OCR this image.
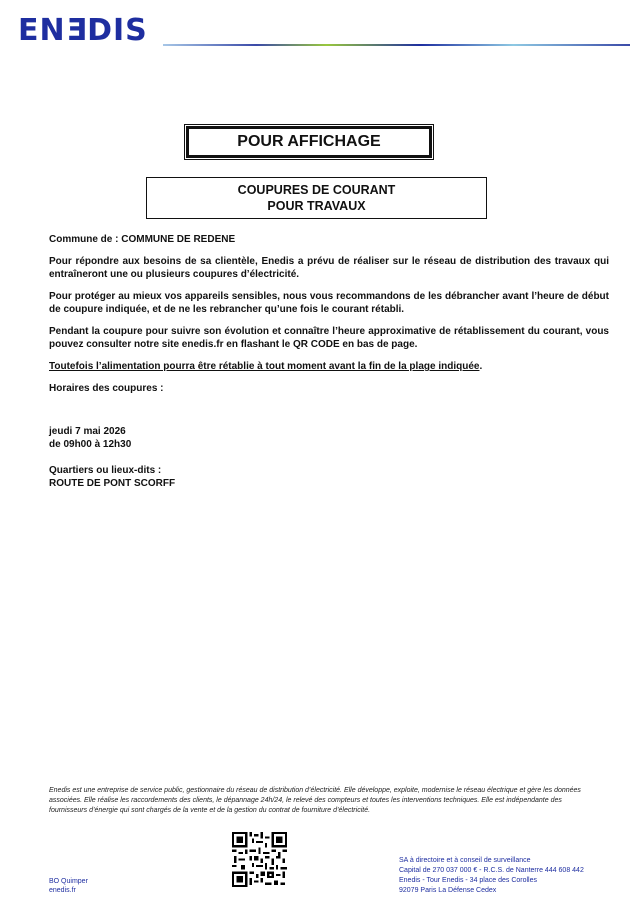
ENEDIS
POUR AFFICHAGE
COUPURES DE COURANT
POUR TRAVAUX

Commune de : COMMUNE DE REDENE

Pour répondre aux besoins de sa clientèle, Enedis a prévu de réaliser sur le réseau de distribution des travaux qui entraîneront une ou plusieurs coupures d’électricité.

Pour protéger au mieux vos appareils sensibles, nous vous recommandons de les débrancher avant l’heure de début de coupure indiquée, et de ne les rebrancher qu’une fois le courant rétabli.

Pendant la coupure pour suivre son évolution et connaître l’heure approximative de rétablissement du courant, vous pouvez consulter notre site enedis.fr en flashant le QR CODE en bas de page.

Toutefois l’alimentation pourra être rétablie à tout moment avant la fin de la plage indiquée.

Horaires des coupures :

jeudi 7 mai 2026

de 09h00 à 12h30

Quartiers ou lieux-dits :

ROUTE DE PONT SCORFF

Enedis est une entreprise de service public, gestionnaire du réseau de distribution d’électricité. Elle développe, exploite, modernise le réseau électrique et gère les données associées. Elle réalise les raccordements des clients, le dépannage 24h/24, le relevé des compteurs et toutes les interventions techniques. Elle est indépendante des fournisseurs d’énergie qui sont chargés de la vente et de la gestion du contrat de fourniture d’électricité.
BO Quimper
enedis.fr
SA à directoire et à conseil de surveillance
Capital de 270 037 000 € - R.C.S. de Nanterre 444 608 442
Enedis - Tour Enedis - 34 place des Corolles
92079 Paris La Défense Cedex
